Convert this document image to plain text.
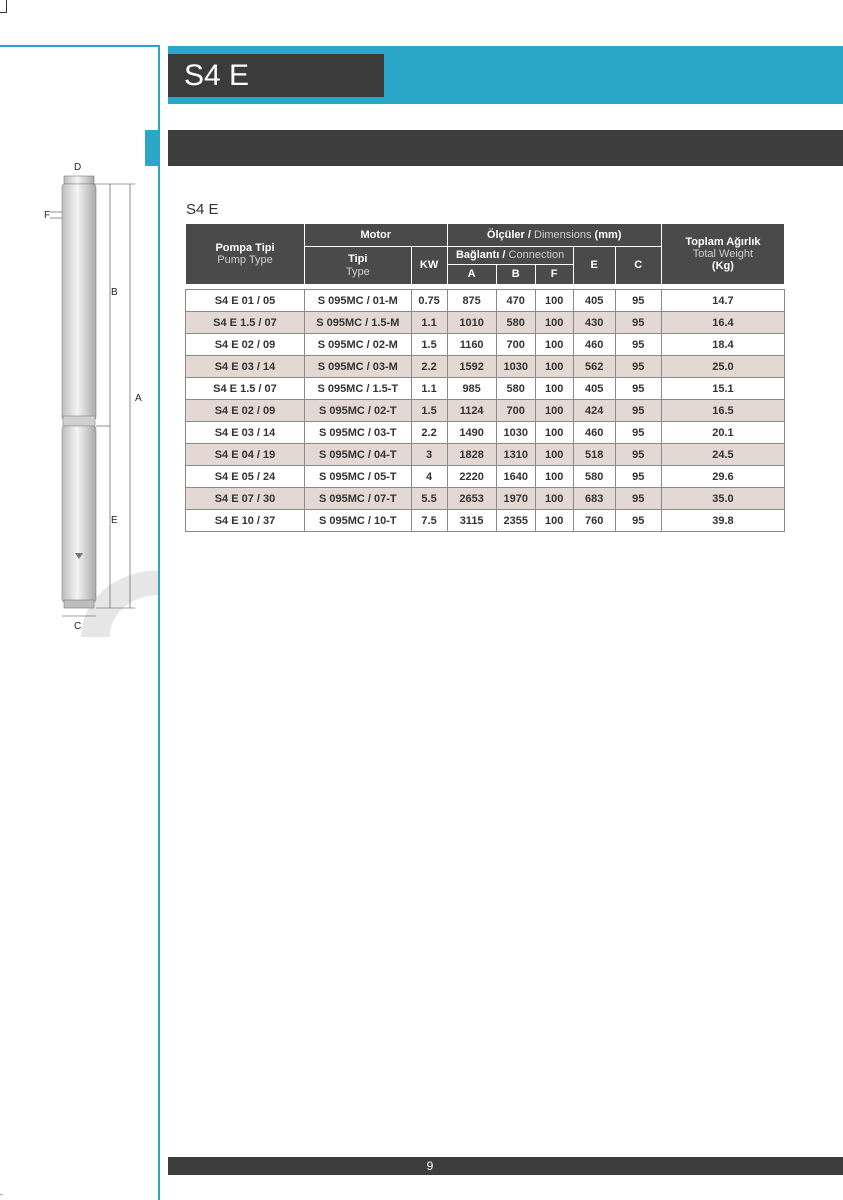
-
S4 E
D
F
B
A
E
C
S4 E
Pompa Tipi
Pump Type	Motor		Ölçüler / Dimensions (mm)					Toplam Ağırlık
Total Weight
(Kg)
	Tipi
Type	KW	Bağlantı / Connection			E	C	
			A	B	F			

S4 E 01 / 05	S 095MC / 01-M	0.75	875	470	100	405	95	14.7
S4 E 1.5 / 07	S 095MC / 1.5-M	1.1	1010	580	100	430	95	16.4
S4 E 02 / 09	S 095MC / 02-M	1.5	1160	700	100	460	95	18.4
S4 E 03 / 14	S 095MC / 03-M	2.2	1592	1030	100	562	95	25.0
S4 E 1.5 / 07	S 095MC / 1.5-T	1.1	985	580	100	405	95	15.1
S4 E 02 / 09	S 095MC / 02-T	1.5	1124	700	100	424	95	16.5
S4 E 03 / 14	S 095MC / 03-T	2.2	1490	1030	100	460	95	20.1
S4 E 04 / 19	S 095MC / 04-T	3	1828	1310	100	518	95	24.5
S4 E 05 / 24	S 095MC / 05-T	4	2220	1640	100	580	95	29.6
S4 E 07 / 30	S 095MC / 07-T	5.5	2653	1970	100	683	95	35.0
S4 E 10 / 37	S 095MC / 10-T	7.5	3115	2355	100	760	95	39.8
9
